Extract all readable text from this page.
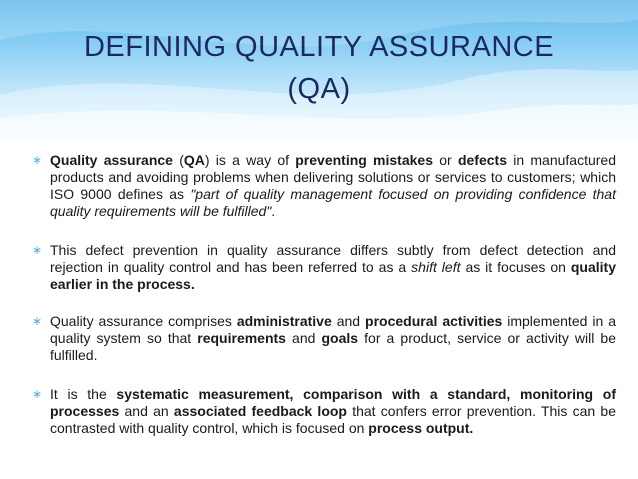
DEFINING QUALITY ASSURANCE
(QA)
∗ Quality assurance (QA) is a way of preventing mistakes or defects in manufactured products and avoiding problems when delivering solutions or services to customers; which ISO 9000 defines as "part of quality management focused on providing confidence that quality requirements will be fulfilled".
∗ This defect prevention in quality assurance differs subtly from defect detection and rejection in quality control and has been referred to as a shift left as it focuses on quality earlier in the process.
∗ Quality assurance comprises administrative and procedural activities implemented in a quality system so that requirements and goals for a product, service or activity will be fulfilled.
∗ It is the systematic measurement, comparison with a standard, monitoring of processes and an associated feedback loop that confers error prevention. This can be contrasted with quality control, which is focused on process output.
